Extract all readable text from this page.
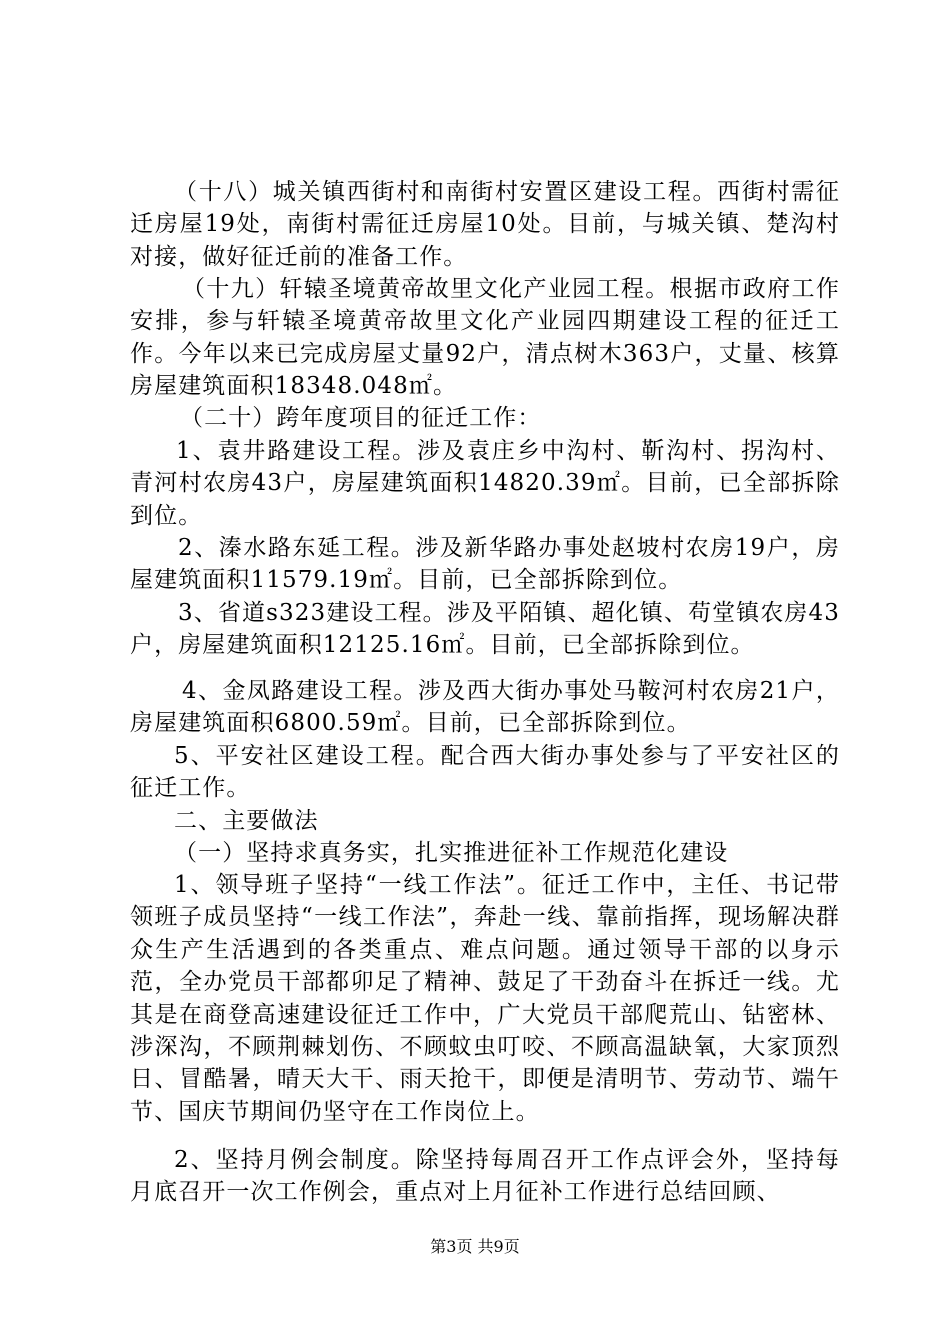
（十八）城关镇西街村和南街村安置区建设工程。西街村需征迁房屋19处，南街村需征迁房屋10处。目前，与城关镇、楚沟村对接，做好征迁前的准备工作。

（十九）轩辕圣境黄帝故里文化产业园工程。根据市政府工作安排，参与轩辕圣境黄帝故里文化产业园四期建设工程的征迁工作。今年以来已完成房屋丈量92户，清点树木363户，丈量、核算房屋建筑面积18348.048㎡。

（二十）跨年度项目的征迁工作：

1、袁井路建设工程。涉及袁庄乡中沟村、靳沟村、拐沟村、青河村农房43户，房屋建筑面积14820.39㎡。目前，已全部拆除到位。

2、溱水路东延工程。涉及新华路办事处赵坡村农房19户，房屋建筑面积11579.19㎡。目前，已全部拆除到位。

3、省道s323建设工程。涉及平陌镇、超化镇、苟堂镇农房43户，房屋建筑面积12125.16㎡。目前，已全部拆除到位。

4、金凤路建设工程。涉及西大街办事处马鞍河村农房21户，房屋建筑面积6800.59㎡。目前，已全部拆除到位。

5、平安社区建设工程。配合西大街办事处参与了平安社区的征迁工作。

二、主要做法

（一）坚持求真务实，扎实推进征补工作规范化建设

1、领导班子坚持“一线工作法”。征迁工作中，主任、书记带领班子成员坚持“一线工作法”，奔赴一线、靠前指挥，现场解决群众生产生活遇到的各类重点、难点问题。通过领导干部的以身示范，全办党员干部都卯足了精神、鼓足了干劲奋斗在拆迁一线。尤其是在商登高速建设征迁工作中，广大党员干部爬荒山、钻密林、涉深沟，不顾荆棘划伤、不顾蚊虫叮咬、不顾高温缺氧，大家顶烈日、冒酷暑，晴天大干、雨天抢干，即便是清明节、劳动节、端午节、国庆节期间仍坚守在工作岗位上。

2、坚持月例会制度。除坚持每周召开工作点评会外，坚持每月底召开一次工作例会，重点对上月征补工作进行总结回顾、

第3页 共9页
